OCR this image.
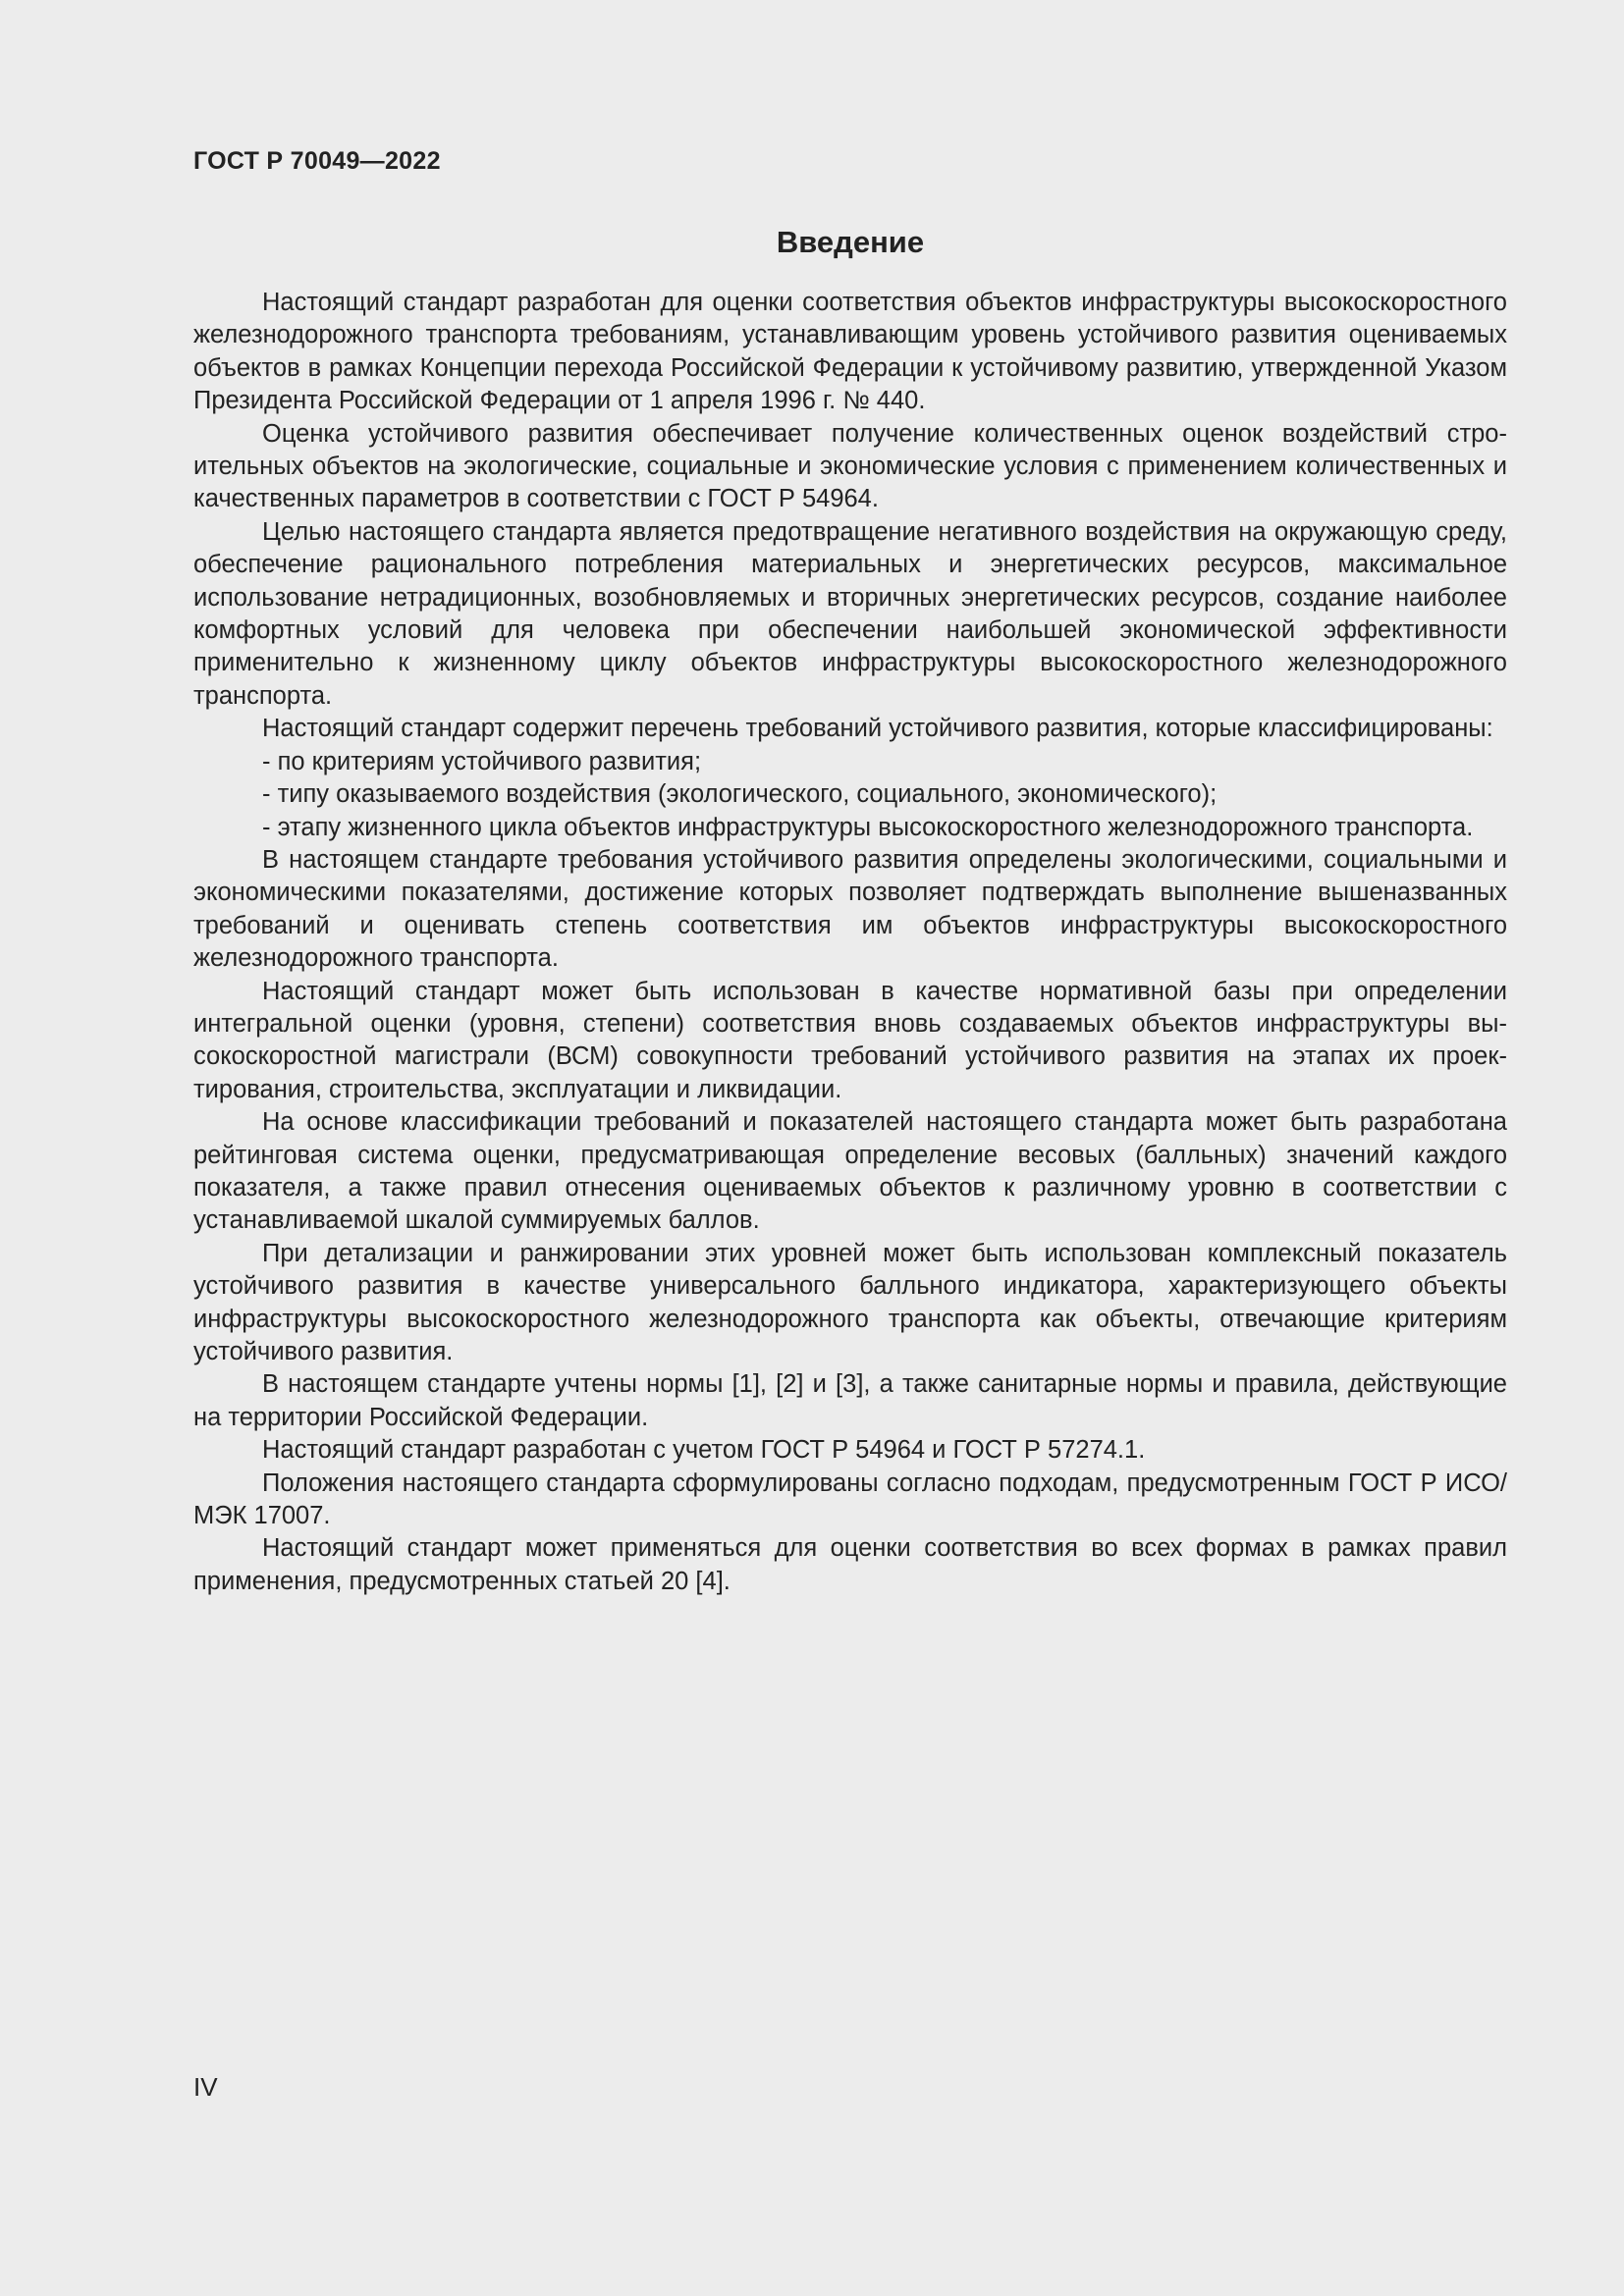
ГОСТ Р 70049—2022
Введение

Настоящий стандарт разработан для оценки соответствия объектов инфраструктуры высокоскоростного железнодорожного транспорта требованиям, устанавливающим уровень устойчивого развития оцениваемых объектов в рамках Концепции перехода Российской Федерации к устойчивому развитию, утвержденной Указом Президента Российской Федерации от 1 апреля 1996 г. № 440.

Оценка устойчивого развития обеспечивает получение количественных оценок воздействий строительных объектов на экологические, социальные и экономические условия с применением количественных и качественных параметров в соответствии с ГОСТ Р 54964.

Целью настоящего стандарта является предотвращение негативного воздействия на окружающую среду, обеспечение рационального потребления материальных и энергетических ресурсов, максимальное использование нетрадиционных, возобновляемых и вторичных энергетических ресурсов, создание наиболее комфортных условий для человека при обеспечении наибольшей экономической эффективности применительно к жизненному циклу объектов инфраструктуры высокоскоростного железнодорожного транспорта.

Настоящий стандарт содержит перечень требований устойчивого развития, которые классифицированы:

- по критериям устойчивого развития;

- типу оказываемого воздействия (экологического, социального, экономического);

- этапу жизненного цикла объектов инфраструктуры высокоскоростного железнодорожного транспорта.

В настоящем стандарте требования устойчивого развития определены экологическими, социальными и экономическими показателями, достижение которых позволяет подтверждать выполнение вышеназванных требований и оценивать степень соответствия им объектов инфраструктуры высокоскоростного железнодорожного транспорта.

Настоящий стандарт может быть использован в качестве нормативной базы при определении интегральной оценки (уровня, степени) соответствия вновь создаваемых объектов инфраструктуры высокоскоростной магистрали (ВСМ) совокупности требований устойчивого развития на этапах их проектирования, строительства, эксплуатации и ликвидации.

На основе классификации требований и показателей настоящего стандарта может быть разработана рейтинговая система оценки, предусматривающая определение весовых (балльных) значений каждого показателя, а также правил отнесения оцениваемых объектов к различному уровню в соответствии с устанавливаемой шкалой суммируемых баллов.

При детализации и ранжировании этих уровней может быть использован комплексный показатель устойчивого развития в качестве универсального балльного индикатора, характеризующего объекты инфраструктуры высокоскоростного железнодорожного транспорта как объекты, отвечающие критериям устойчивого развития.

В настоящем стандарте учтены нормы [1], [2] и [3], а также санитарные нормы и правила, действующие на территории Российской Федерации.

Настоящий стандарт разработан с учетом ГОСТ Р 54964 и ГОСТ Р 57274.1.

Положения настоящего стандарта сформулированы согласно подходам, предусмотренным ГОСТ Р ИСО/МЭК 17007.

Настоящий стандарт может применяться для оценки соответствия во всех формах в рамках правил применения, предусмотренных статьей 20 [4].

IV
